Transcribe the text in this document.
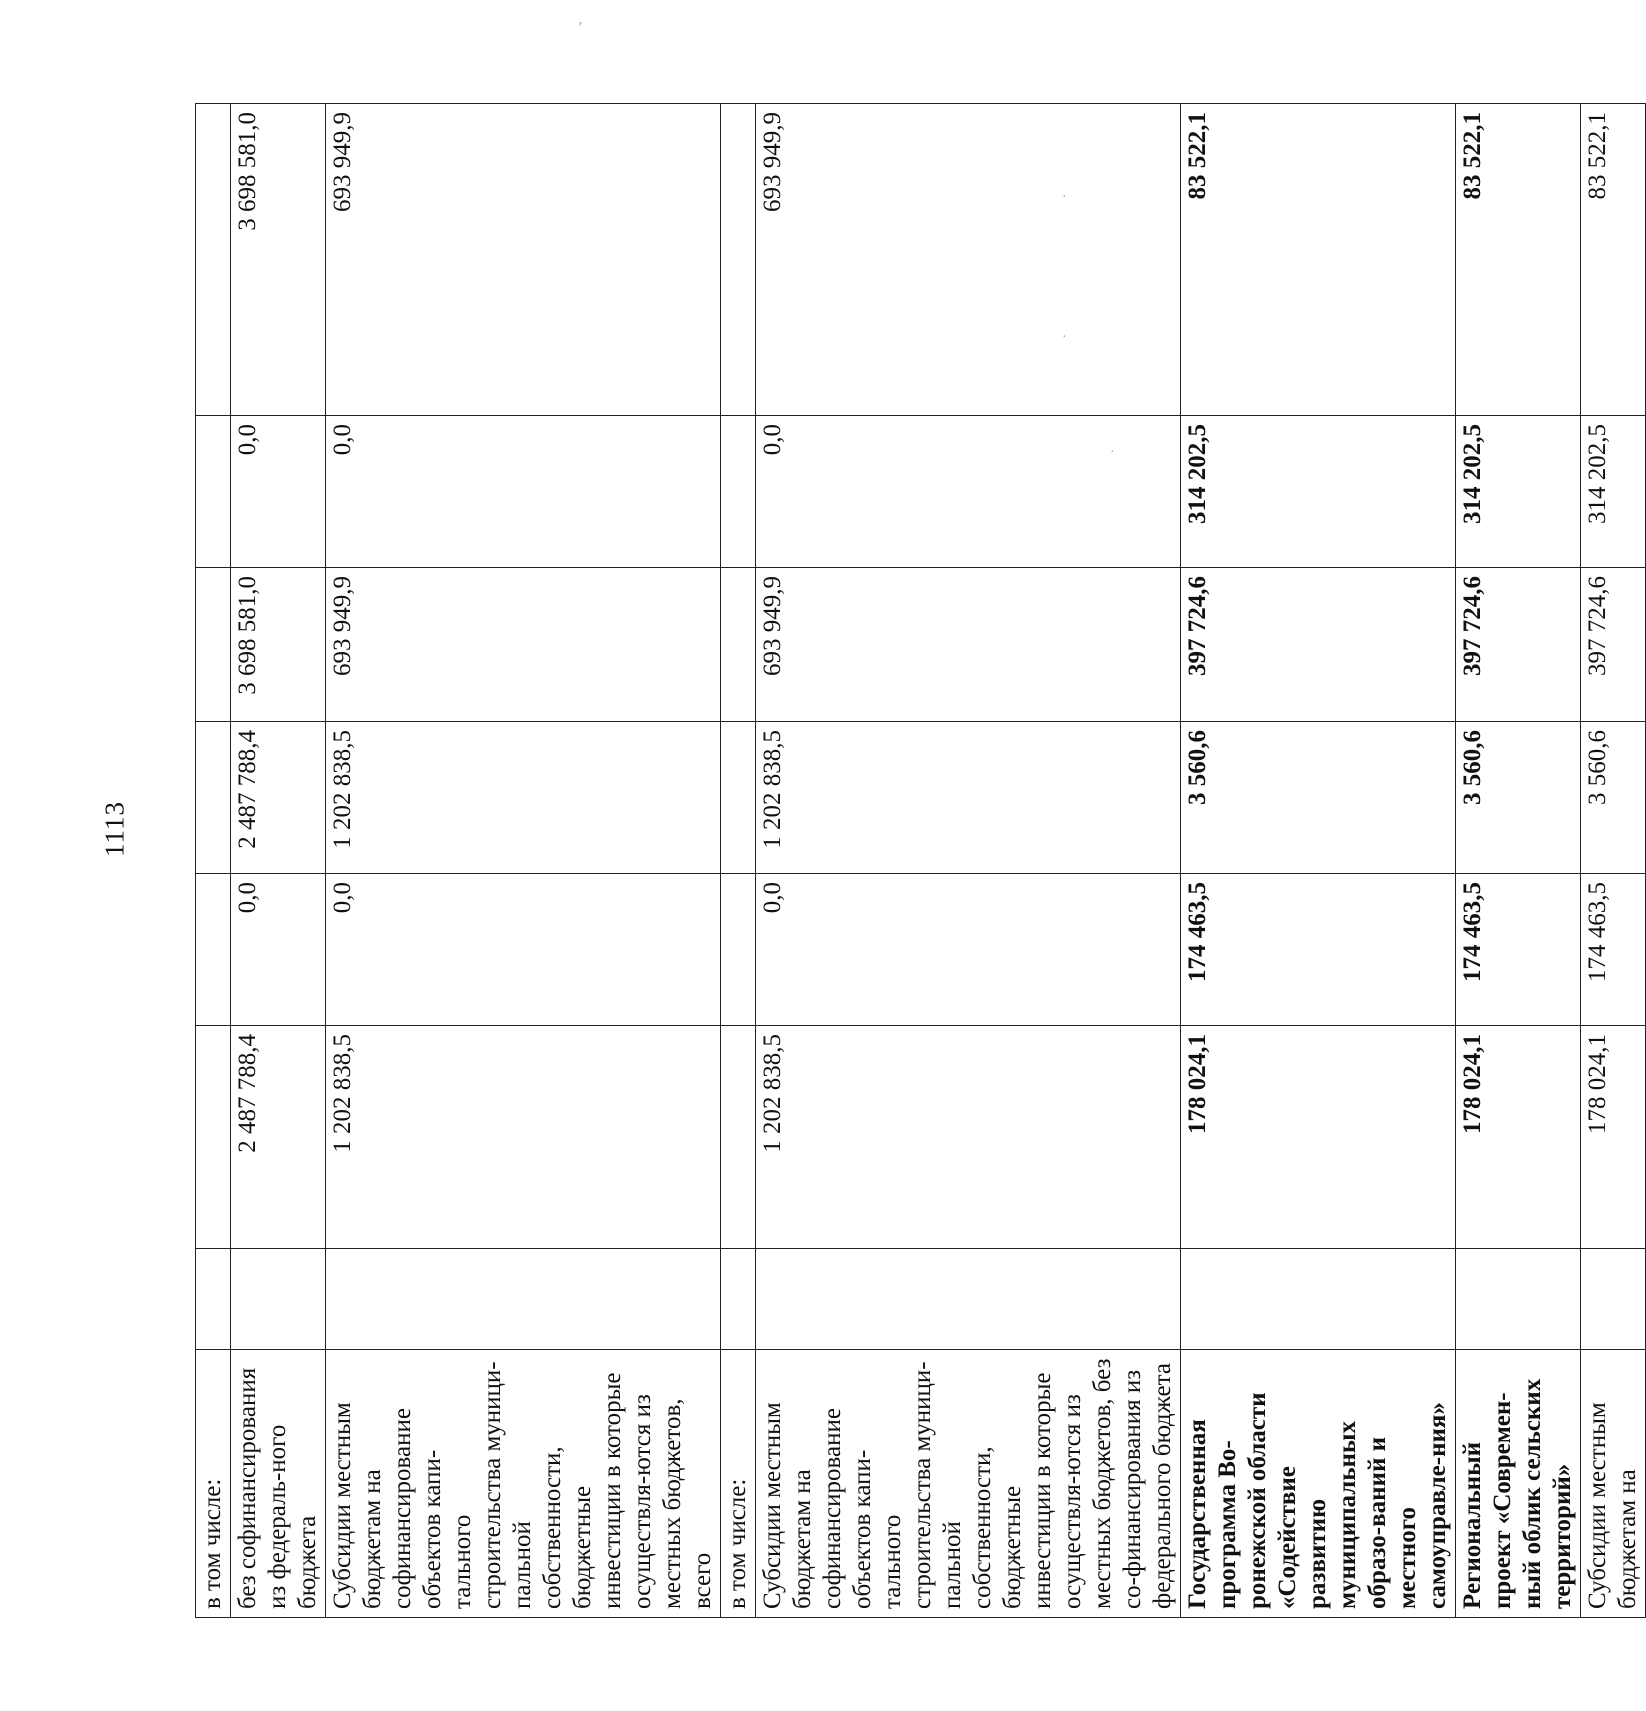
1113
в том числе:							
без софинансирования из федераль-ного бюджета		2 487 788,4	0,0	2 487 788,4	3 698 581,0	0,0	3 698 581,0
Субсидии местным бюджетам на софинансирование объектов капи-тального строительства муници-пальной собственности, бюджетные инвестиции в которые осуществля-ются из местных бюджетов, всего		1 202 838,5	0,0	1 202 838,5	693 949,9	0,0	693 949,9
в том числе:							
Субсидии местным бюджетам на софинансирование объектов капи-тального строительства муници-пальной собственности, бюджетные инвестиции в которые осуществля-ются из местных бюджетов, без со-финансирования из федерального бюджета		1 202 838,5	0,0	1 202 838,5	693 949,9	0,0	693 949,9
Государственная программа Во-ронежской области «Содействие развитию муниципальных образо-ваний и местного самоуправле-ния»		178 024,1	174 463,5	3 560,6	397 724,6	314 202,5	83 522,1
Региональный проект «Современ-ный облик сельских территорий»		178 024,1	174 463,5	3 560,6	397 724,6	314 202,5	83 522,1
Субсидии местным бюджетам на		178 024,1	174 463,5	3 560,6	397 724,6	314 202,5	83 522,1
ʼ
·
·
·
